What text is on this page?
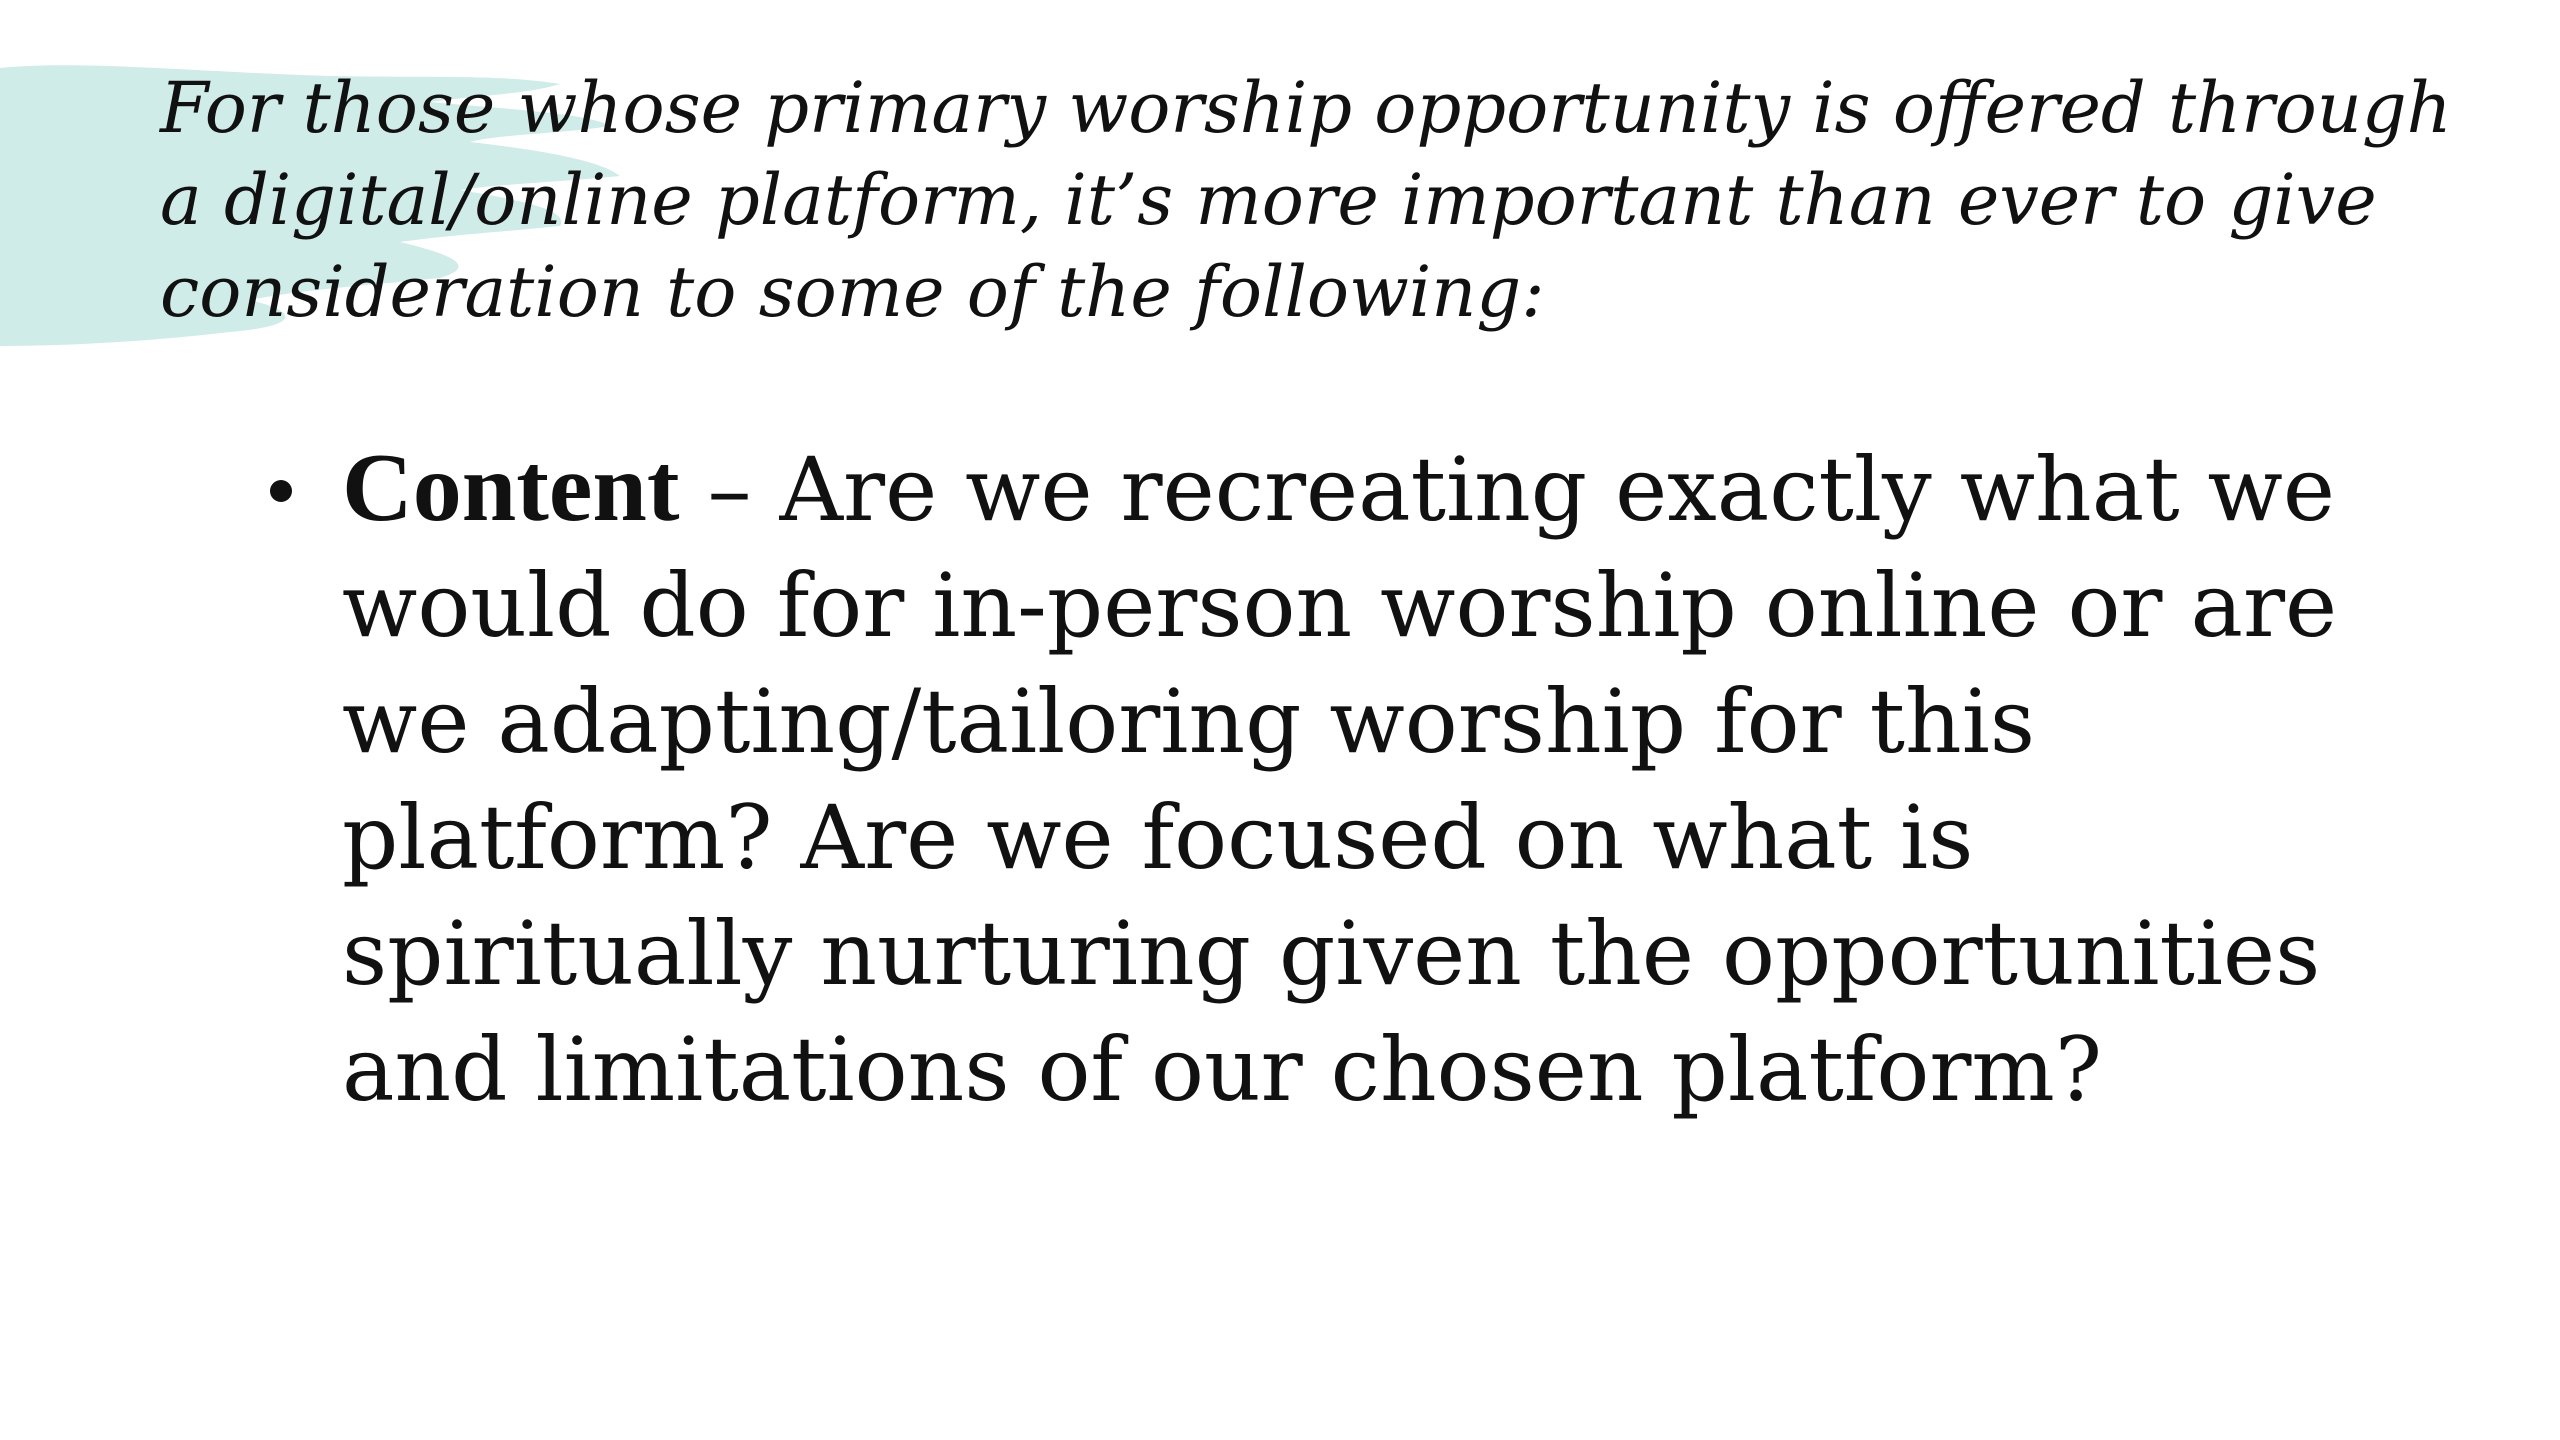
For those whose primary worship opportunity is offered through a digital/online platform, it’s more important than ever to give consideration to some of the following:

Content – Are we recreating exactly what we would do for in-person worship online or are we adapting/tailoring worship for this platform? Are we focused on what is spiritually nurturing given the opportunities and limitations of our chosen platform?
